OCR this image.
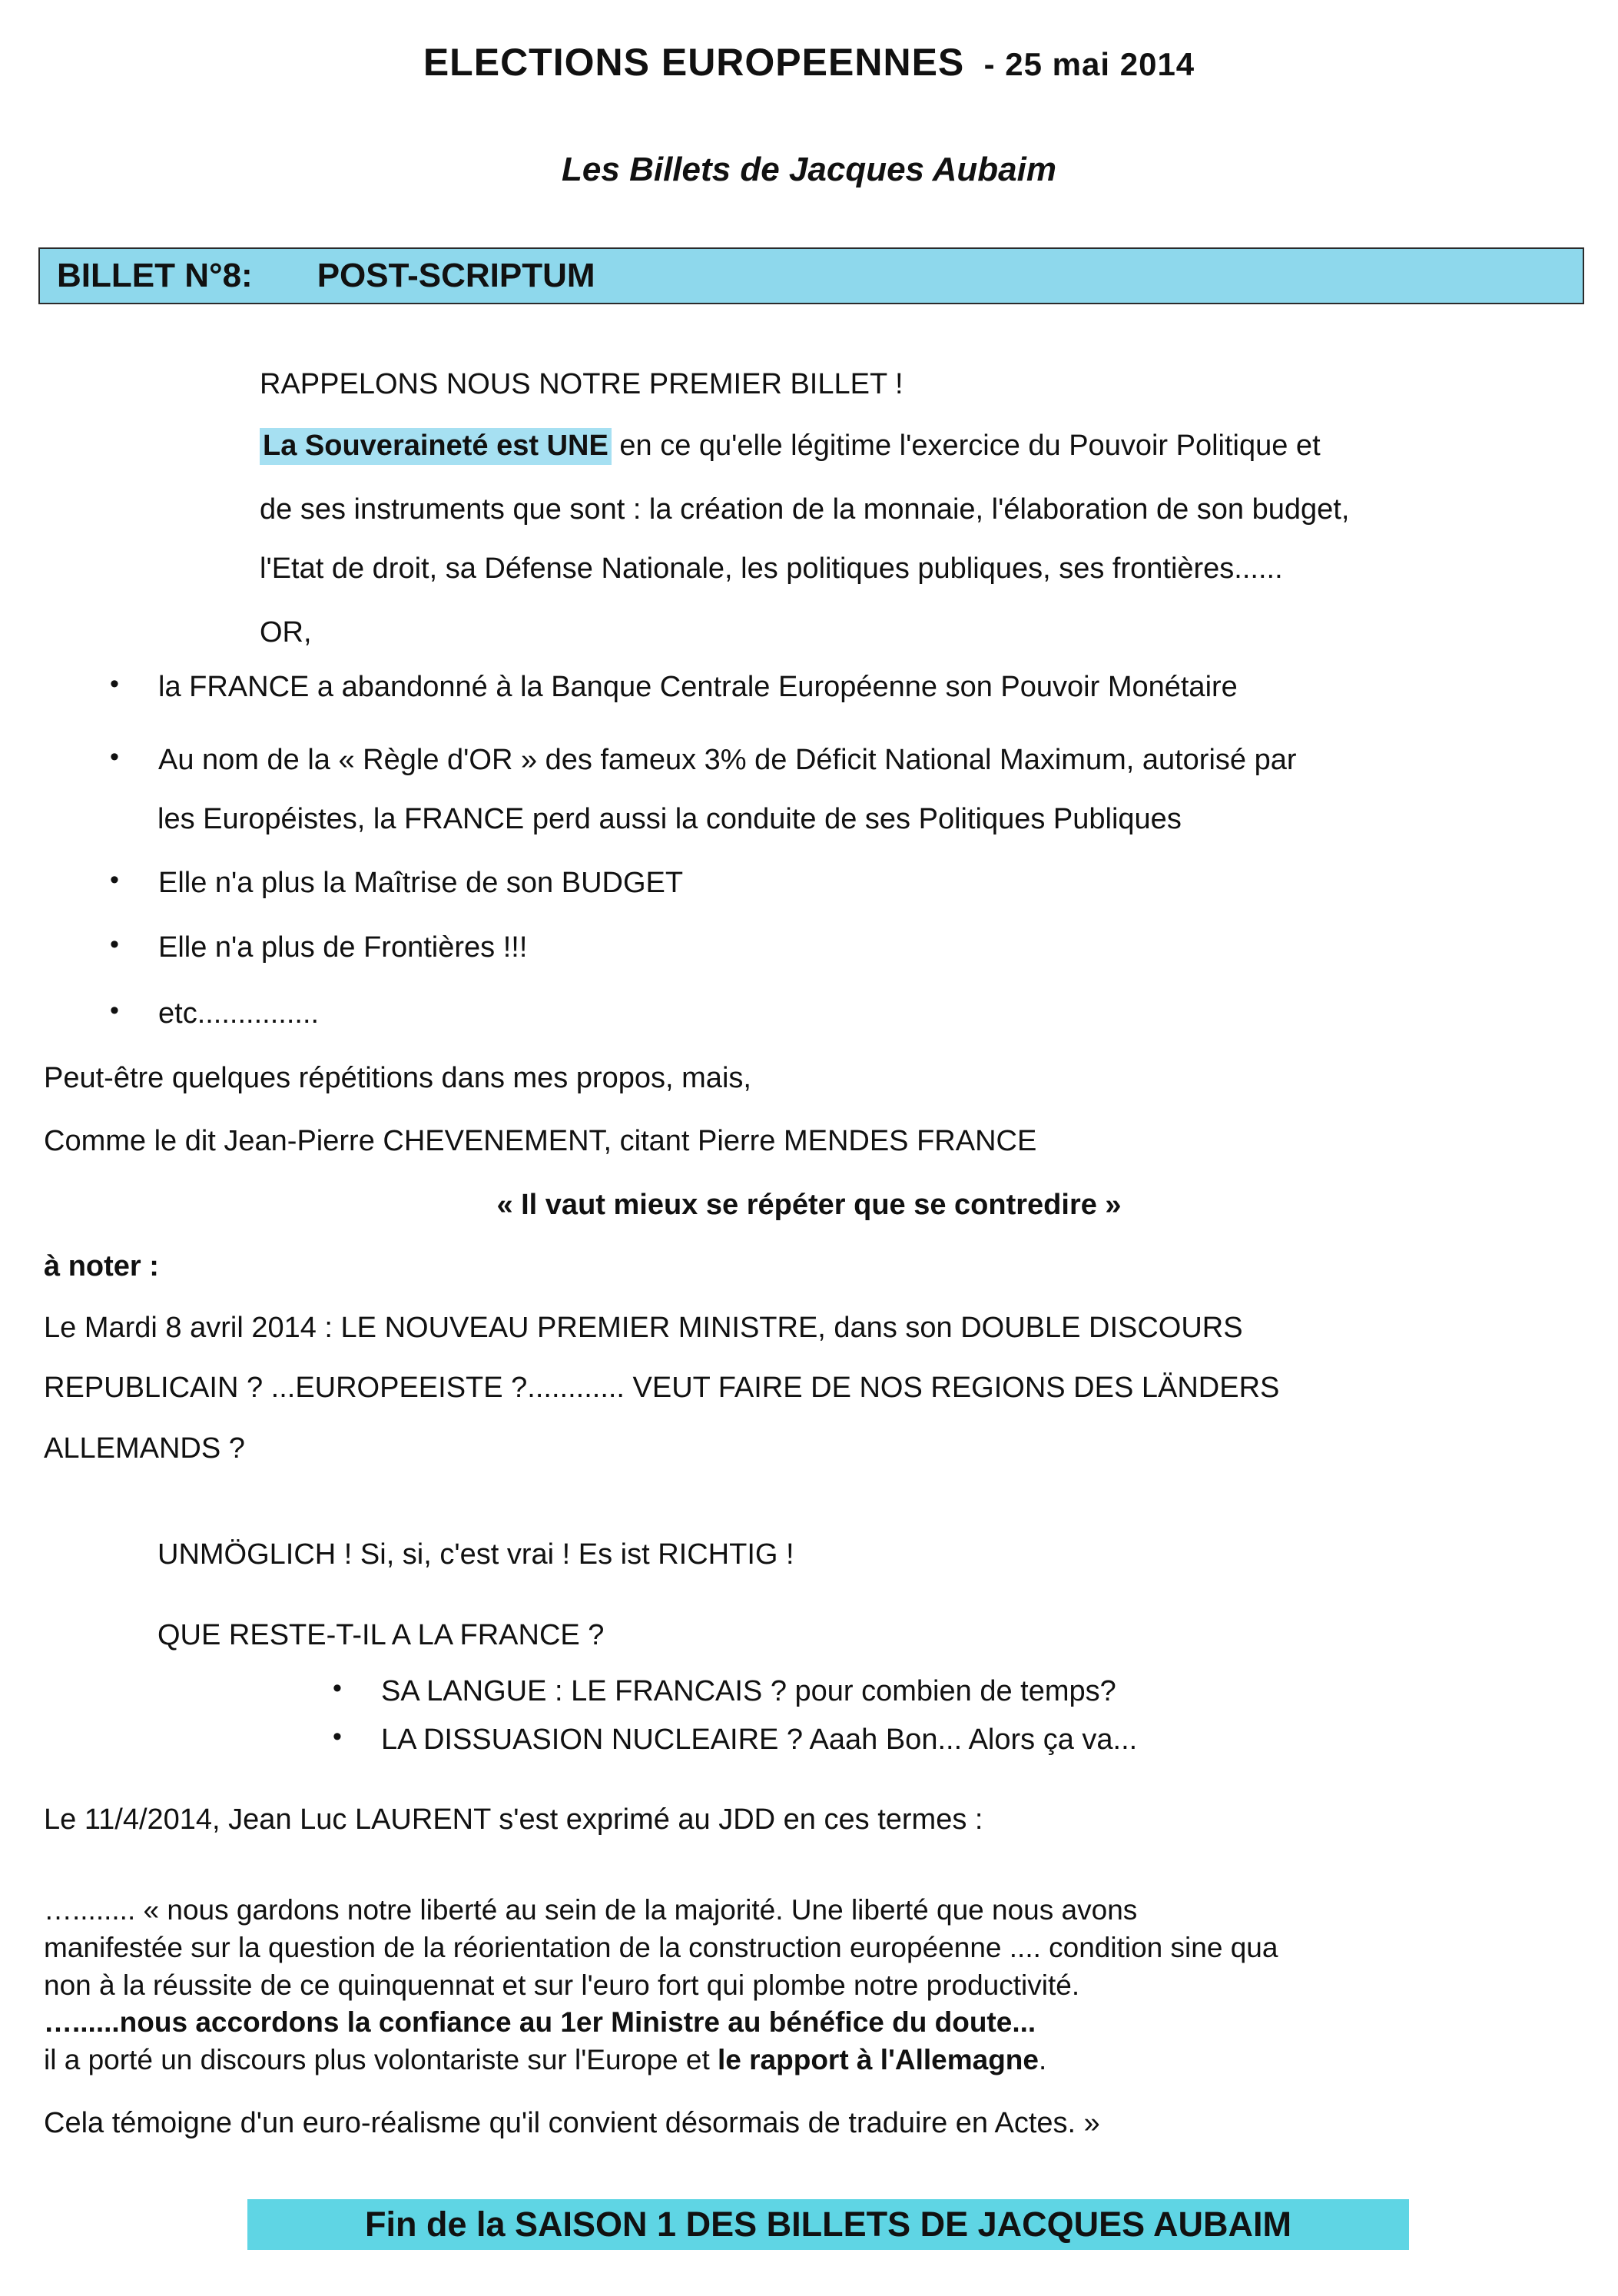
ELECTIONS EUROPEENNES - 25 mai 2014
Les Billets de Jacques Aubaim
BILLET N°8: POST-SCRIPTUM
RAPPELONS NOUS NOTRE PREMIER BILLET !
La Souveraineté est UNE en ce qu'elle légitime l'exercice du Pouvoir Politique et
de ses instruments que sont : la création de la monnaie, l'élaboration de son budget,
l'Etat de droit, sa Défense Nationale, les politiques publiques, ses frontières......
OR,
• la FRANCE a abandonné à la Banque Centrale Européenne son Pouvoir Monétaire
• Au nom de la « Règle d'OR » des fameux 3% de Déficit National Maximum, autorisé par
les Européistes, la FRANCE perd aussi la conduite de ses Politiques Publiques
• Elle n'a plus la Maîtrise de son BUDGET
• Elle n'a plus de Frontières !!!
• etc...............
Peut-être quelques répétitions dans mes propos, mais,
Comme le dit Jean-Pierre CHEVENEMENT, citant Pierre MENDES FRANCE
« Il vaut mieux se répéter que se contredire »
à noter :
Le Mardi 8 avril 2014 : LE NOUVEAU PREMIER MINISTRE, dans son DOUBLE DISCOURS
REPUBLICAIN ? ...EUROPEEISTE ?............ VEUT FAIRE DE NOS REGIONS DES LÄNDERS
ALLEMANDS ?
UNMÖGLICH ! Si, si, c'est vrai ! Es ist RICHTIG !
QUE RESTE-T-IL A LA FRANCE ?
• SA LANGUE : LE FRANCAIS ? pour combien de temps?
• LA DISSUASION NUCLEAIRE ? Aaah Bon... Alors ça va...
Le 11/4/2014, Jean Luc LAURENT s'est exprimé au JDD en ces termes :

…........ « nous gardons notre liberté au sein de la majorité. Une liberté que nous avons

manifestée sur la question de la réorientation de la construction européenne .... condition sine qua

non à la réussite de ce quinquennat et sur l'euro fort qui plombe notre productivité.

…......nous accordons la confiance au 1er Ministre au bénéfice du doute...

il a porté un discours plus volontariste sur l'Europe et le rapport à l'Allemagne.

Cela témoigne d'un euro-réalisme qu'il convient désormais de traduire en Actes. »
Fin de la SAISON 1 DES BILLETS DE JACQUES AUBAIM
